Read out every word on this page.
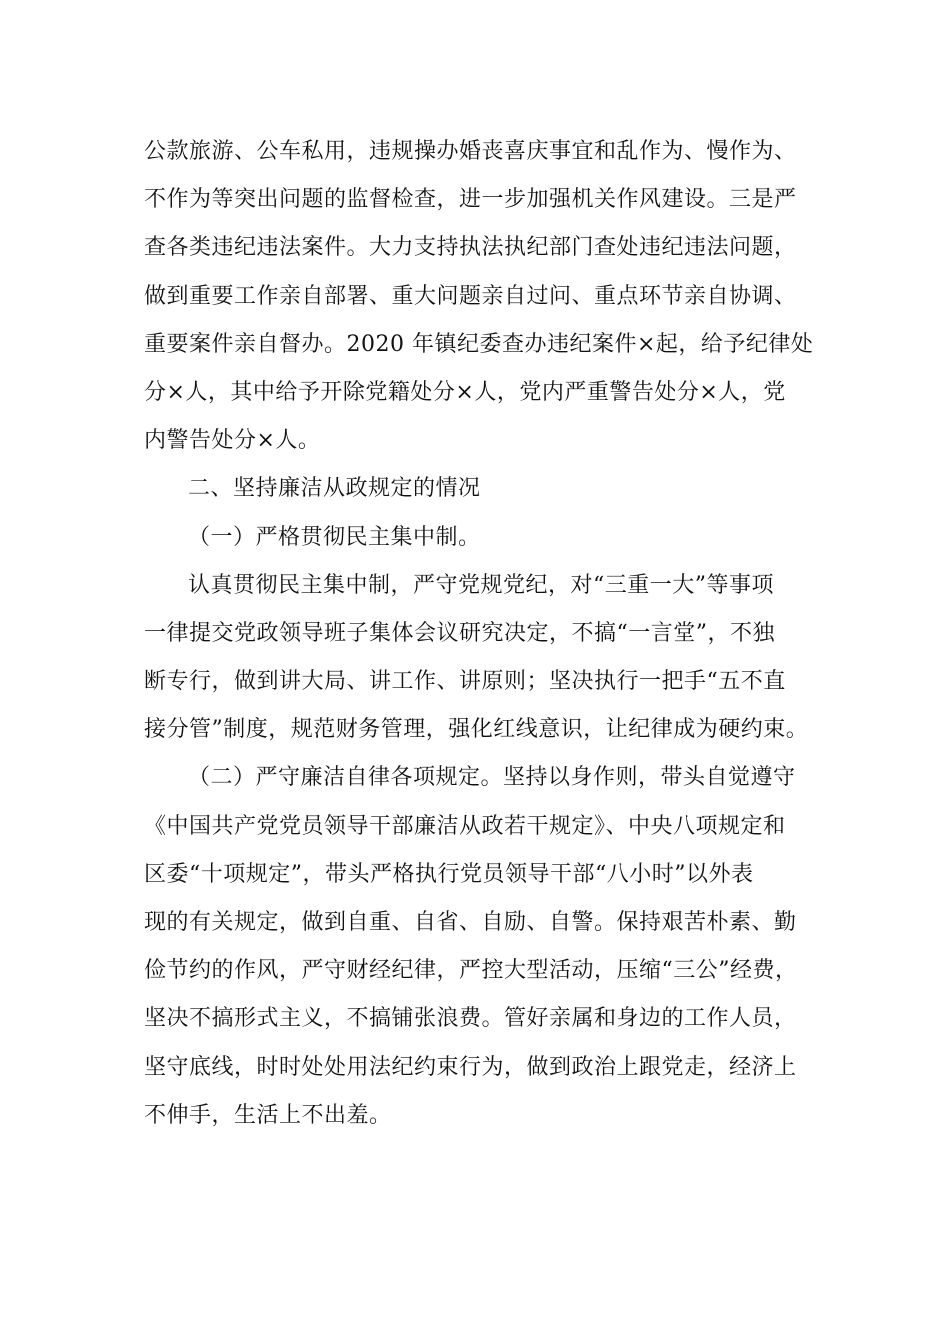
公款旅游、公车私用，违规操办婚丧喜庆事宜和乱作为、慢作为、
不作为等突出问题的监督检查，进一步加强机关作风建设。三是严
查各类违纪违法案件。大力支持执法执纪部门查处违纪违法问题，
做到重要工作亲自部署、重大问题亲自过问、重点环节亲自协调、
重要案件亲自督办。2020 年镇纪委查办违纪案件×起，给予纪律处
分×人，其中给予开除党籍处分×人，党内严重警告处分×人，党
内警告处分×人。
二、坚持廉洁从政规定的情况
（一）严格贯彻民主集中制。
认真贯彻民主集中制，严守党规党纪，对“三重一大”等事项
一律提交党政领导班子集体会议研究决定，不搞“一言堂”，不独
断专行，做到讲大局、讲工作、讲原则；坚决执行一把手“五不直
接分管”制度，规范财务管理，强化红线意识，让纪律成为硬约束。
（二）严守廉洁自律各项规定。坚持以身作则，带头自觉遵守
《中国共产党党员领导干部廉洁从政若干规定》、中央八项规定和
区委“十项规定”，带头严格执行党员领导干部“八小时”以外表
现的有关规定，做到自重、自省、自励、自警。保持艰苦朴素、勤
俭节约的作风，严守财经纪律，严控大型活动，压缩“三公”经费，
坚决不搞形式主义，不搞铺张浪费。管好亲属和身边的工作人员，
坚守底线，时时处处用法纪约束行为，做到政治上跟党走，经济上
不伸手，生活上不出羞。
